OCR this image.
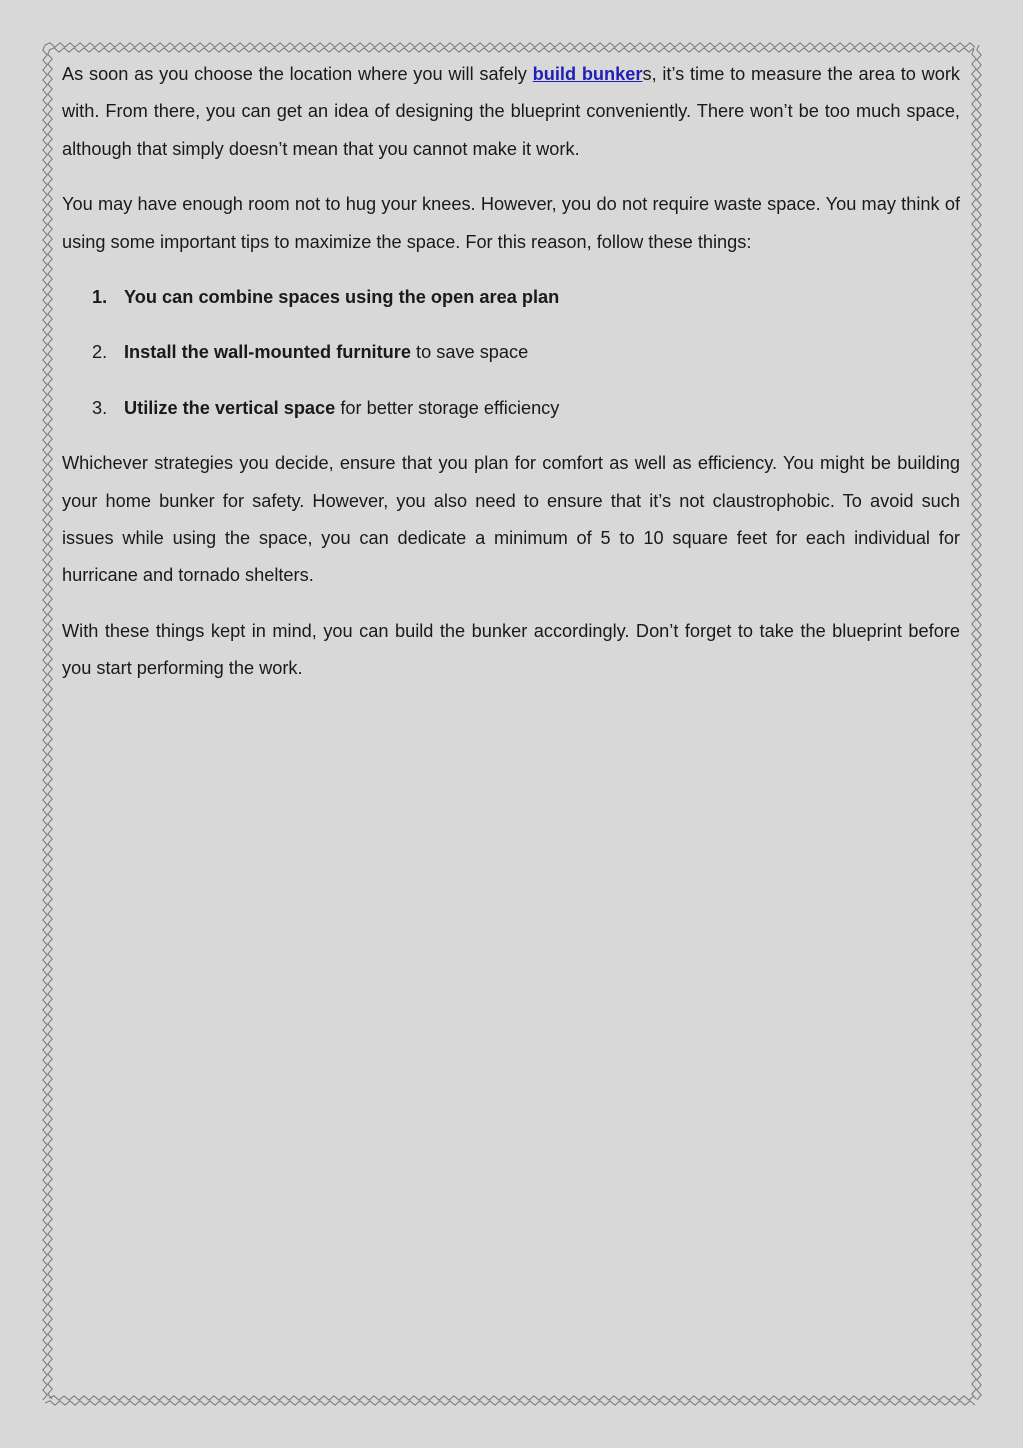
As soon as you choose the location where you will safely build bunkers, it’s time to measure the area to work with. From there, you can get an idea of designing the blueprint conveniently. There won’t be too much space, although that simply doesn’t mean that you cannot make it work.

You may have enough room not to hug your knees. However, you do not require waste space. You may think of using some important tips to maximize the space. For this reason, follow these things:

1. You can combine spaces using the open area plan
2. Install the wall-mounted furniture to save space
3. Utilize the vertical space for better storage efficiency

Whichever strategies you decide, ensure that you plan for comfort as well as efficiency. You might be building your home bunker for safety. However, you also need to ensure that it’s not claustrophobic. To avoid such issues while using the space, you can dedicate a minimum of 5 to 10 square feet for each individual for hurricane and tornado shelters.

With these things kept in mind, you can build the bunker accordingly. Don’t forget to take the blueprint before you start performing the work.
